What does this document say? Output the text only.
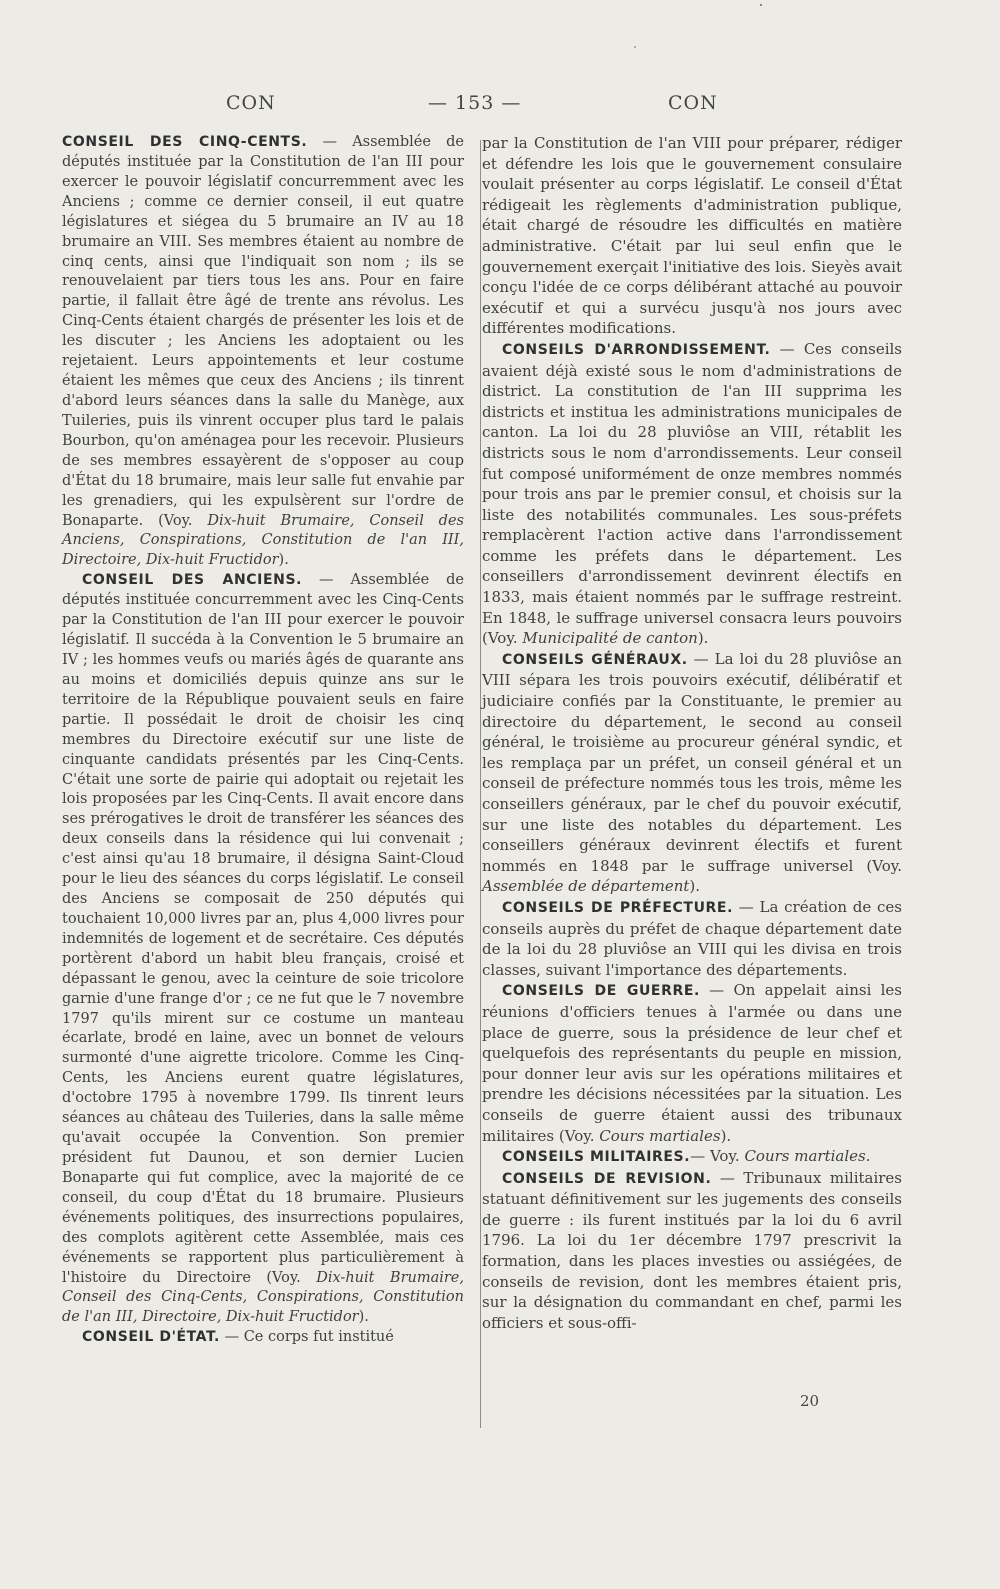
CON	— 153 —	CON

CONSEIL DES CINQ-CENTS. — Assemblée de députés instituée par la Constitution de l'an III pour exercer le pouvoir législatif concurremment avec les Anciens ; comme ce dernier conseil, il eut quatre législatures et siégea du 5 brumaire an IV au 18 brumaire an VIII. Ses membres étaient au nombre de cinq cents, ainsi que l'indiquait son nom ; ils se renouvelaient par tiers tous les ans. Pour en faire partie, il fallait être âgé de trente ans révolus. Les Cinq-Cents étaient chargés de présenter les lois et de les discuter ; les Anciens les adoptaient ou les rejetaient. Leurs appointements et leur costume étaient les mêmes que ceux des Anciens ; ils tinrent d'abord leurs séances dans la salle du Manège, aux Tuileries, puis ils vinrent occuper plus tard le palais Bourbon, qu'on aménagea pour les recevoir. Plusieurs de ses membres essayèrent de s'opposer au coup d'État du 18 brumaire, mais leur salle fut envahie par les grenadiers, qui les expulsèrent sur l'ordre de Bonaparte. (Voy. Dix-huit Brumaire, Conseil des Anciens, Conspirations, Constitution de l'an III, Directoire, Dix-huit Fructidor).

CONSEIL DES ANCIENS. — Assemblée de députés instituée concurremment avec les Cinq-Cents par la Constitution de l'an III pour exercer le pouvoir législatif. Il succéda à la Convention le 5 brumaire an IV ; les hommes veufs ou mariés âgés de quarante ans au moins et domiciliés depuis quinze ans sur le territoire de la République pouvaient seuls en faire partie. Il possédait le droit de choisir les cinq membres du Directoire exécutif sur une liste de cinquante candidats présentés par les Cinq-Cents. C'était une sorte de pairie qui adoptait ou rejetait les lois proposées par les Cinq-Cents. Il avait encore dans ses prérogatives le droit de transférer les séances des deux conseils dans la résidence qui lui convenait ; c'est ainsi qu'au 18 brumaire, il désigna Saint-Cloud pour le lieu des séances du corps législatif. Le conseil des Anciens se composait de 250 députés qui touchaient 10,000 livres par an, plus 4,000 livres pour indemnités de logement et de secrétaire. Ces députés portèrent d'abord un habit bleu français, croisé et dépassant le genou, avec la ceinture de soie tricolore garnie d'une frange d'or ; ce ne fut que le 7 novembre 1797 qu'ils mirent sur ce costume un manteau écarlate, brodé en laine, avec un bonnet de velours surmonté d'une aigrette tricolore. Comme les Cinq-Cents, les Anciens eurent quatre législatures, d'octobre 1795 à novembre 1799. Ils tinrent leurs séances au château des Tuileries, dans la salle même qu'avait occupée la Convention. Son premier président fut Daunou, et son dernier Lucien Bonaparte qui fut complice, avec la majorité de ce conseil, du coup d'État du 18 brumaire. Plusieurs événements politiques, des insurrections populaires, des complots agitèrent cette Assemblée, mais ces événements se rapportent plus particulièrement à l'histoire du Directoire (Voy. Dix-huit Brumaire, Conseil des Cinq-Cents, Conspirations, Constitution de l'an III, Directoire, Dix-huit Fructidor).

CONSEIL D'ÉTAT. — Ce corps fut institué

par la Constitution de l'an VIII pour préparer, rédiger et défendre les lois que le gouvernement consulaire voulait présenter au corps législatif. Le conseil d'État rédigeait les règlements d'administration publique, était chargé de résoudre les difficultés en matière administrative. C'était par lui seul enfin que le gouvernement exerçait l'initiative des lois. Sieyès avait conçu l'idée de ce corps délibérant attaché au pouvoir exécutif et qui a survécu jusqu'à nos jours avec différentes modifications.

CONSEILS D'ARRONDISSEMENT. — Ces conseils avaient déjà existé sous le nom d'administrations de district. La constitution de l'an III supprima les districts et institua les administrations municipales de canton. La loi du 28 pluviôse an VIII, rétablit les districts sous le nom d'arrondissements. Leur conseil fut composé uniformément de onze membres nommés pour trois ans par le premier consul, et choisis sur la liste des notabilités communales. Les sous-préfets remplacèrent l'action active dans l'arrondissement comme les préfets dans le département. Les conseillers d'arrondissement devinrent électifs en 1833, mais étaient nommés par le suffrage restreint. En 1848, le suffrage universel consacra leurs pouvoirs (Voy. Municipalité de canton).

CONSEILS GÉNÉRAUX. — La loi du 28 pluviôse an VIII sépara les trois pouvoirs exécutif, délibératif et judiciaire confiés par la Constituante, le premier au directoire du département, le second au conseil général, le troisième au procureur général syndic, et les remplaça par un préfet, un conseil général et un conseil de préfecture nommés tous les trois, même les conseillers généraux, par le chef du pouvoir exécutif, sur une liste des notables du département. Les conseillers généraux devinrent électifs et furent nommés en 1848 par le suffrage universel (Voy. Assemblée de département).

CONSEILS DE PRÉFECTURE. — La création de ces conseils auprès du préfet de chaque département date de la loi du 28 pluviôse an VIII qui les divisa en trois classes, suivant l'importance des départements.

CONSEILS DE GUERRE. — On appelait ainsi les réunions d'officiers tenues à l'armée ou dans une place de guerre, sous la présidence de leur chef et quelquefois des représentants du peuple en mission, pour donner leur avis sur les opérations militaires et prendre les décisions nécessitées par la situation. Les conseils de guerre étaient aussi des tribunaux militaires (Voy. Cours martiales).

CONSEILS MILITAIRES.— Voy. Cours martiales.

CONSEILS DE REVISION. — Tribunaux militaires statuant définitivement sur les jugements des conseils de guerre : ils furent institués par la loi du 6 avril 1796. La loi du 1er décembre 1797 prescrivit la formation, dans les places investies ou assiégées, de conseils de revision, dont les membres étaient pris, sur la désignation du commandant en chef, parmi les officiers et sous-offi-

20
